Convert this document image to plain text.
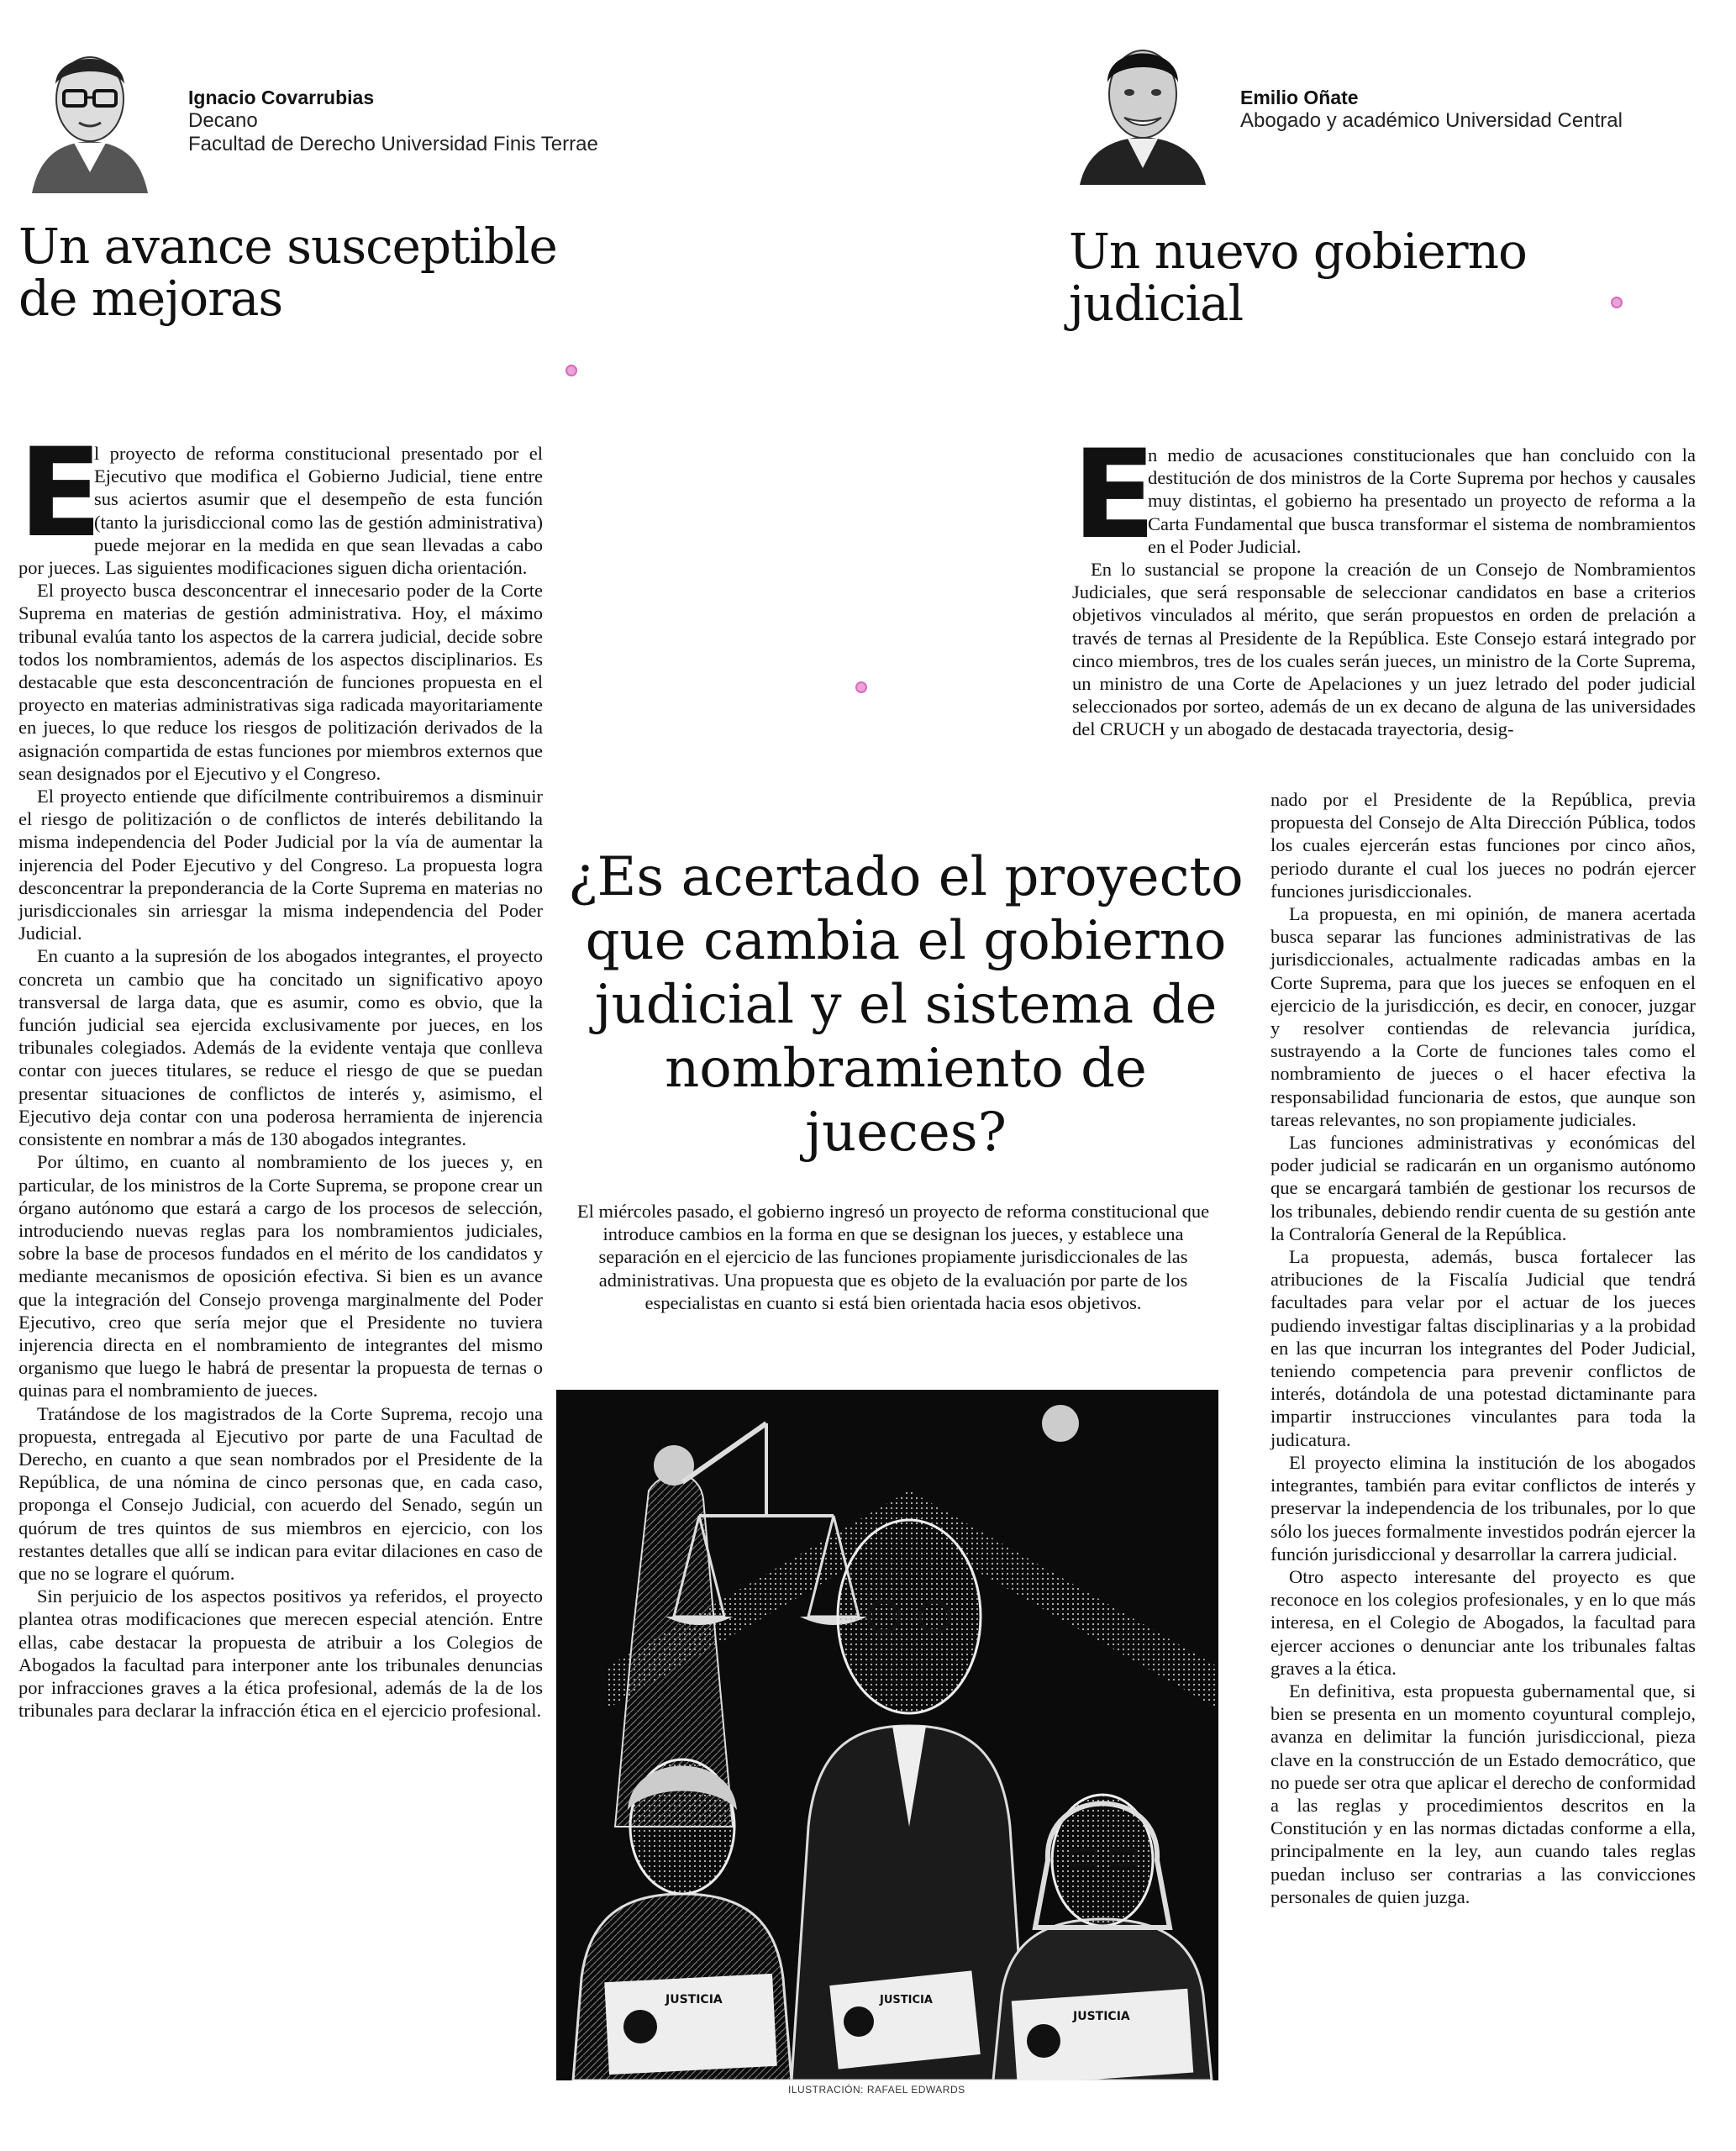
Ignacio Covarrubias
Decano
Facultad de Derecho Universidad Finis Terrae
Un avance susceptible
de mejoras
Emilio Oñate
Abogado y académico Universidad Central
Un nuevo gobierno
judicial
E

l proyecto de reforma constitucional presentado por el Ejecutivo que modifica el Gobierno Judicial, tiene entre sus aciertos asumir que el desempeño de esta función (tanto la jurisdiccional como las de gestión administrativa) puede mejorar en la medida en que sean llevadas a cabo por jueces. Las siguientes modificaciones siguen dicha orientación.

El proyecto busca desconcentrar el innecesario poder de la Corte Suprema en materias de gestión administrativa. Hoy, el máximo tribunal evalúa tanto los aspectos de la carrera judicial, decide sobre todos los nombramientos, además de los aspectos disciplinarios. Es destacable que esta desconcentración de funciones propuesta en el proyecto en materias administrativas siga radicada mayoritariamente en jueces, lo que reduce los riesgos de politización derivados de la asignación compartida de estas funciones por miembros externos que sean designados por el Ejecutivo y el Congreso.

El proyecto entiende que difícilmente contribuiremos a disminuir el riesgo de politización o de conflictos de interés debilitando la misma independencia del Poder Judicial por la vía de aumentar la injerencia del Poder Ejecutivo y del Congreso. La propuesta logra desconcentrar la preponderancia de la Corte Suprema en materias no jurisdiccionales sin arriesgar la misma independencia del Poder Judicial.

En cuanto a la supresión de los abogados integrantes, el proyecto concreta un cambio que ha concitado un significativo apoyo transversal de larga data, que es asumir, como es obvio, que la función judicial sea ejercida exclusivamente por jueces, en los tribunales colegiados. Además de la evidente ventaja que conlleva contar con jueces titulares, se reduce el riesgo de que se puedan presentar situaciones de conflictos de interés y, asimismo, el Ejecutivo deja contar con una poderosa herramienta de injerencia consistente en nombrar a más de 130 abogados integrantes.

Por último, en cuanto al nombramiento de los jueces y, en particular, de los ministros de la Corte Suprema, se propone crear un órgano autónomo que estará a cargo de los procesos de selección, introduciendo nuevas reglas para los nombramientos judiciales, sobre la base de procesos fundados en el mérito de los candidatos y mediante mecanismos de oposición efectiva. Si bien es un avance que la integración del Consejo provenga marginalmente del Poder Ejecutivo, creo que sería mejor que el Presidente no tuviera injerencia directa en el nombramiento de integrantes del mismo organismo que luego le habrá de presentar la propuesta de ternas o quinas para el nombramiento de jueces.

Tratándose de los magistrados de la Corte Suprema, recojo una propuesta, entregada al Ejecutivo por parte de una Facultad de Derecho, en cuanto a que sean nombrados por el Presidente de la República, de una nómina de cinco personas que, en cada caso, proponga el Consejo Judicial, con acuerdo del Senado, según un quórum de tres quintos de sus miembros en ejercicio, con los restantes detalles que allí se indican para evitar dilaciones en caso de que no se lograre el quórum.

Sin perjuicio de los aspectos positivos ya referidos, el proyecto plantea otras modificaciones que merecen especial atención. Entre ellas, cabe destacar la propuesta de atribuir a los Colegios de Abogados la facultad para interponer ante los tribunales denuncias por infracciones graves a la ética profesional, además de la de los tribunales para declarar la infracción ética en el ejercicio profesional.

E

n medio de acusaciones constitucionales que han concluido con la destitución de dos ministros de la Corte Suprema por hechos y causales muy distintas, el gobierno ha presentado un proyecto de reforma a la Carta Fundamental que busca transformar el sistema de nombramientos en el Poder Judicial.

En lo sustancial se propone la creación de un Consejo de Nombramientos Judiciales, que será responsable de seleccionar candidatos en base a criterios objetivos vinculados al mérito, que serán propuestos en orden de prelación a través de ternas al Presidente de la República. Este Consejo estará integrado por cinco miembros, tres de los cuales serán jueces, un ministro de la Corte Suprema, un ministro de una Corte de Apelaciones y un juez letrado del poder judicial seleccionados por sorteo, además de un ex decano de alguna de las universidades del CRUCH y un abogado de destacada trayectoria, desig-

nado por el Presidente de la República, previa propuesta del Consejo de Alta Dirección Pública, todos los cuales ejercerán estas funciones por cinco años, periodo durante el cual los jueces no podrán ejercer funciones jurisdiccionales.

La propuesta, en mi opinión, de manera acertada busca separar las funciones administrativas de las jurisdiccionales, actualmente radicadas ambas en la Corte Suprema, para que los jueces se enfoquen en el ejercicio de la jurisdicción, es decir, en conocer, juzgar y resolver contiendas de relevancia jurídica, sustrayendo a la Corte de funciones tales como el nombramiento de jueces o el hacer efectiva la responsabilidad funcionaria de estos, que aunque son tareas relevantes, no son propiamente judiciales.

Las funciones administrativas y económicas del poder judicial se radicarán en un organismo autónomo que se encargará también de gestionar los recursos de los tribunales, debiendo rendir cuenta de su gestión ante la Contraloría General de la República.

La propuesta, además, busca fortalecer las atribuciones de la Fiscalía Judicial que tendrá facultades para velar por el actuar de los jueces pudiendo investigar faltas disciplinarias y a la probidad en las que incurran los integrantes del Poder Judicial, teniendo competencia para prevenir conflictos de interés, dotándola de una potestad dictaminante para impartir instrucciones vinculantes para toda la judicatura.

El proyecto elimina la institución de los abogados integrantes, también para evitar conflictos de interés y preservar la independencia de los tribunales, por lo que sólo los jueces formalmente investidos podrán ejercer la función jurisdiccional y desarrollar la carrera judicial.

Otro aspecto interesante del proyecto es que reconoce en los colegios profesionales, y en lo que más interesa, en el Colegio de Abogados, la facultad para ejercer acciones o denunciar ante los tribunales faltas graves a la ética.

En definitiva, esta propuesta gubernamental que, si bien se presenta en un momento coyuntural complejo, avanza en delimitar la función jurisdiccional, pieza clave en la construcción de un Estado democrático, que no puede ser otra que aplicar el derecho de conformidad a las reglas y procedimientos descritos en la Constitución y en las normas dictadas conforme a ella, principalmente en la ley, aun cuando tales reglas puedan incluso ser contrarias a las convicciones personales de quien juzga.

¿Es acertado el proyecto
que cambia el gobierno
judicial y el sistema de
nombramiento de
jueces?
El miércoles pasado, el gobierno ingresó un proyecto de reforma constitucional que introduce cambios en la forma en que se designan los jueces, y establece una separación en el ejercicio de las funciones propiamente jurisdiccionales de las administrativas. Una propuesta que es objeto de la evaluación por parte de los especialistas en cuanto si está bien orientada hacia esos objetivos.
JUSTICIA	JUSTICIA
JUSTICIA
ILUSTRACIÓN: RAFAEL EDWARDS
